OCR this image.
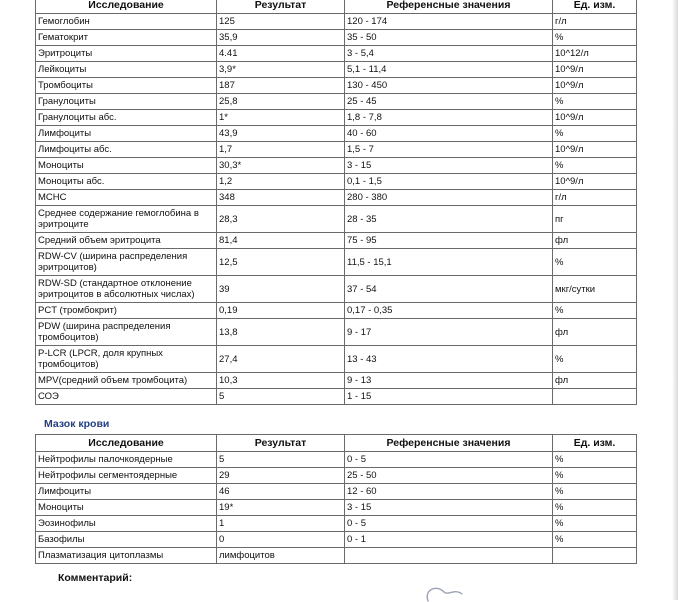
Исследование	Результат	Референсные значения	Ед. изм.
Гемоглобин	125	120 - 174	г/л
Гематокрит	35,9	35 - 50	%
Эритроциты	4.41	3 - 5,4	10^12/л
Лейкоциты	3,9*	5,1 - 11,4	10^9/л
Тромбоциты	187	130 - 450	10^9/л
Гранулоциты	25,8	25 - 45	%
Гранулоциты абс.	1*	1,8 - 7,8	10^9/л
Лимфоциты	43,9	40 - 60	%
Лимфоциты абс.	1,7	1,5 - 7	10^9/л
Моноциты	30,3*	3 - 15	%
Моноциты абс.	1,2	0,1 - 1,5	10^9/л
MCHC	348	280 - 380	г/л
Среднее содержание гемоглобина в эритроците	28,3	28 - 35	пг
Средний объем эритроцита	81,4	75 - 95	фл
RDW-CV (ширина распределения эритроцитов)	12,5	11,5 - 15,1	%
RDW-SD (стандартное отклонение эритроцитов в абсолютных числах)	39	37 - 54	мкг/сутки
PCT (тромбокрит)	0,19	0,17 - 0,35	%
PDW (ширина распределения тромбоцитов)	13,8	9 - 17	фл
P-LCR (LPCR, доля крупных тромбоцитов)	27,4	13 - 43	%
MPV(средний объем тромбоцита)	10,3	9 - 13	фл
СОЭ	5	1 - 15	
Мазок крови
Исследование	Результат	Референсные значения	Ед. изм.
Нейтрофилы палочкоядерные	5	0 - 5	%
Нейтрофилы сегментоядерные	29	25 - 50	%
Лимфоциты	46	12 - 60	%
Моноциты	19*	3 - 15	%
Эозинофилы	1	0 - 5	%
Базофилы	0	0 - 1	%
Плазматизация цитоплазмы	лимфоцитов		
Комментарий:
